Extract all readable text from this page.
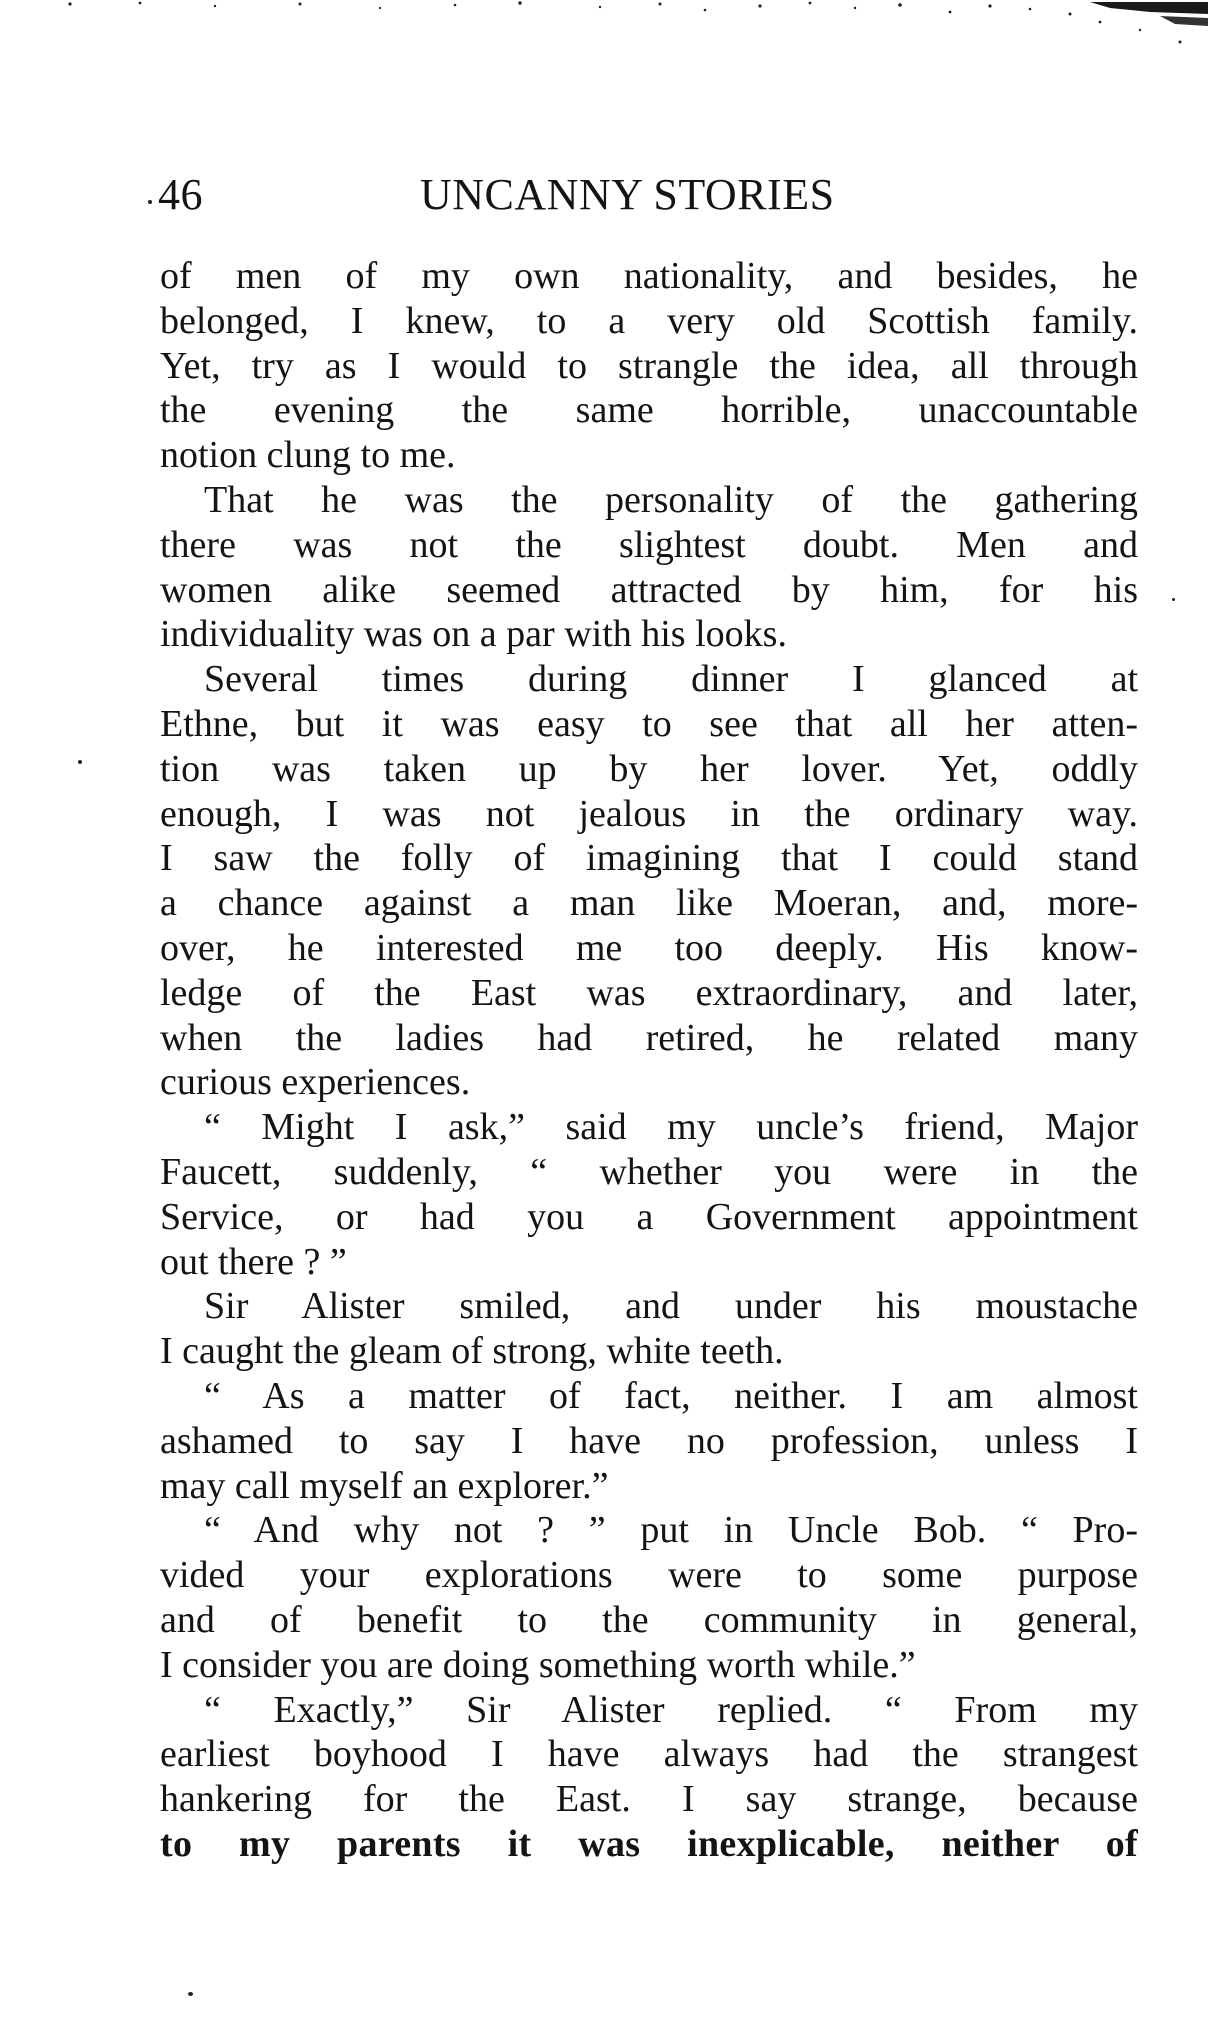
46	UNCANNY STORIES
of men of my own nationality, and besides, he
belonged, I knew, to a very old Scottish family.
Yet, try as I would to strangle the idea, all through
the evening the same horrible, unaccountable
notion clung to me.
That he was the personality of the gathering
there was not the slightest doubt. Men and
women alike seemed attracted by him, for his
individuality was on a par with his looks.
Several times during dinner I glanced at
Ethne, but it was easy to see that all her atten-
tion was taken up by her lover. Yet, oddly
enough, I was not jealous in the ordinary way.
I saw the folly of imagining that I could stand
a chance against a man like Moeran, and, more-
over, he interested me too deeply. His know-
ledge of the East was extraordinary, and later,
when the ladies had retired, he related many
curious experiences.
“ Might I ask,” said my uncle’s friend, Major
Faucett, suddenly, “ whether you were in the
Service, or had you a Government appointment
out there ? ”
Sir Alister smiled, and under his moustache
I caught the gleam of strong, white teeth.
“ As a matter of fact, neither. I am almost
ashamed to say I have no profession, unless I
may call myself an explorer.”
“ And why not ? ” put in Uncle Bob. “ Pro-
vided your explorations were to some purpose
and of benefit to the community in general,
I consider you are doing something worth while.”
“ Exactly,” Sir Alister replied. “ From my
earliest boyhood I have always had the strangest
hankering for the East. I say strange, because
to my parents it was inexplicable, neither of
